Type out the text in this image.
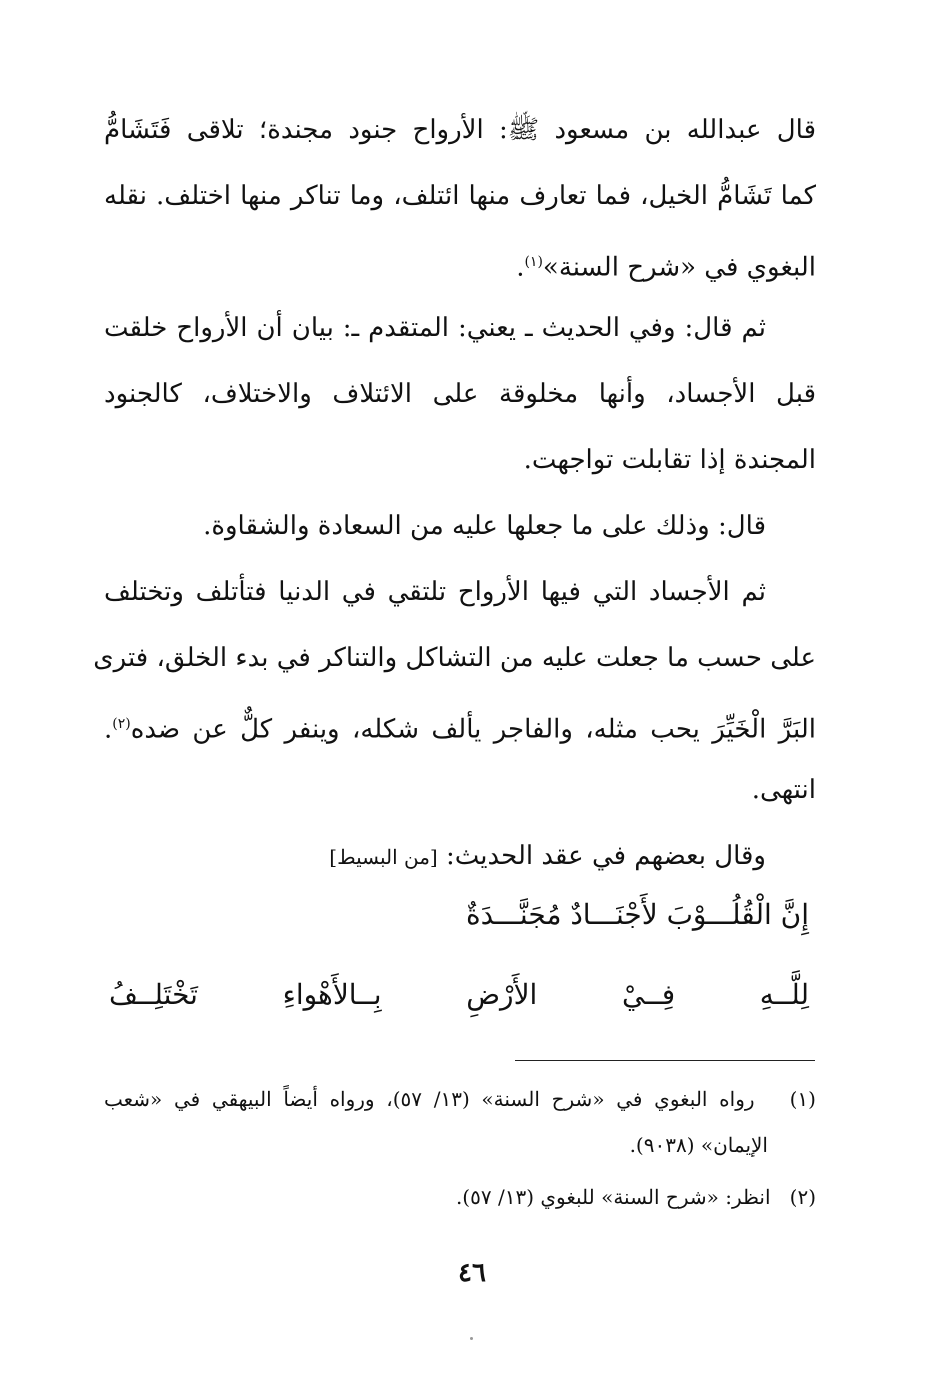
قال عبدالله بن مسعود ﷺ: الأرواح جنود مجندة؛ تلاقى فَتَشَامُّ
كما تَشَامُّ الخيل، فما تعارف منها ائتلف، وما تناكر منها اختلف. نقله
البغوي في «شرح السنة»$^{(١)}$.
ثم قال: وفي الحديث ـ يعني: المتقدم ـ: بيان أن الأرواح خلقت
قبل الأجساد، وأنها مخلوقة على الائتلاف والاختلاف، كالجنود
المجندة إذا تقابلت تواجهت.
قال: وذلك على ما جعلها عليه من السعادة والشقاوة.
ثم الأجساد التي فيها الأرواح تلتقي في الدنيا فتأتلف وتختلف
على حسب ما جعلت عليه من التشاكل والتناكر في بدء الخلق، فترى
البَرَّ الْخَيِّرَ يحب مثله، والفاجر يألف شكله، وينفر كلٌّ عن ضده$^{(٢)}$.
انتهى.
وقال بعضهم في عقد الحديث: [من البسيط]
إِنَّ الْقُلُـــوْبَ لأَجْنَـــادٌ مُجَنَّـــدَةٌ
لِلَّــهِ فِــيْ الأَرْضِ بِــالأَهْواءِ تَخْتَلِــفُ
(١)   رواه البغوي في «شرح السنة» (١٣/ ٥٧)، ورواه أيضاً البيهقي في «شعب
الإيمان» (٩٠٣٨).
(٢)   انظر: «شرح السنة» للبغوي (١٣/ ٥٧).
٤٦
